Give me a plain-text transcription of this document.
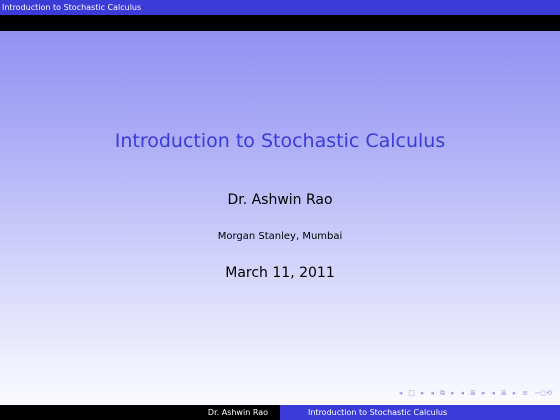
Introduction to Stochastic Calculus
Introduction to Stochastic Calculus
Dr. Ashwin Rao
Morgan Stanley, Mumbai
March 11, 2011
◂ □ ▸ ◂ ⧉ ▸ ◂ ≣ ▸ ◂ ≣ ▸ ≡ ∽○⟲
Dr. Ashwin Rao	Introduction to Stochastic Calculus
